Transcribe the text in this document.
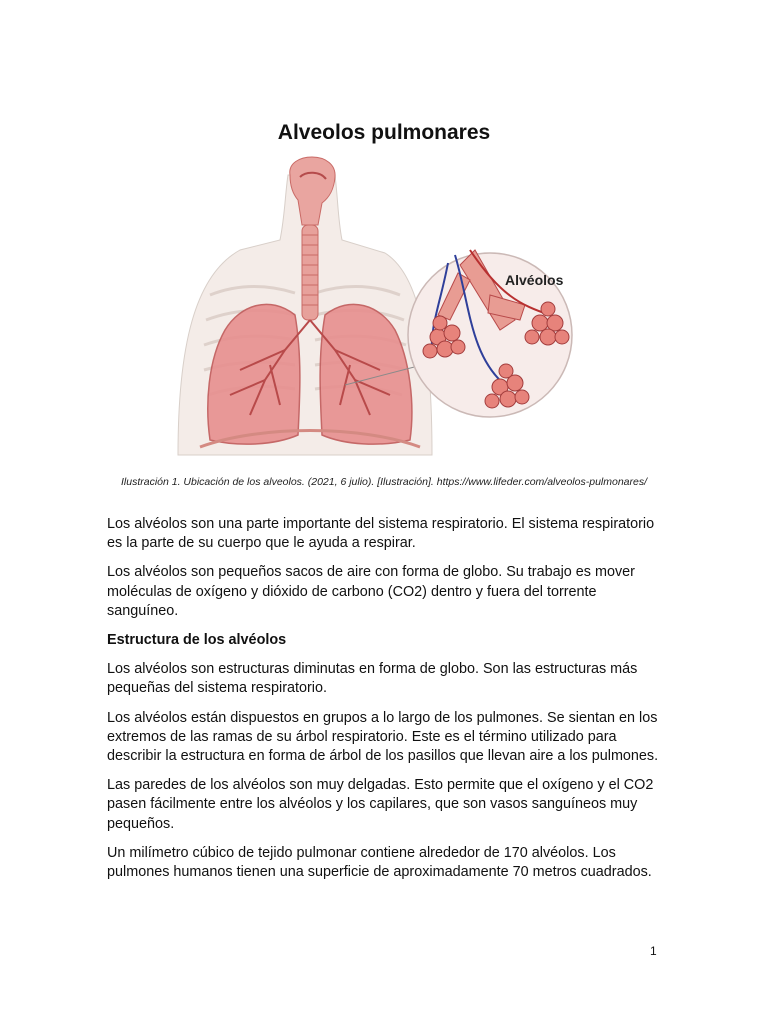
Alveolos pulmonares
Alvéolos
Ilustración 1. Ubicación de los alveolos. (2021, 6 julio). [Ilustración]. https://www.lifeder.com/alveolos-pulmonares/

Los alvéolos son una parte importante del sistema respiratorio. El sistema respiratorio es la parte de su cuerpo que le ayuda a respirar.

Los alvéolos son pequeños sacos de aire con forma de globo. Su trabajo es mover moléculas de oxígeno y dióxido de carbono (CO2) dentro y fuera del torrente sanguíneo.

Estructura de los alvéolos

Los alvéolos son estructuras diminutas en forma de globo. Son las estructuras más pequeñas del sistema respiratorio.

Los alvéolos están dispuestos en grupos a lo largo de los pulmones. Se sientan en los extremos de las ramas de su árbol respiratorio. Este es el término utilizado para describir la estructura en forma de árbol de los pasillos que llevan aire a los pulmones.

Las paredes de los alvéolos son muy delgadas. Esto permite que el oxígeno y el CO2 pasen fácilmente entre los alvéolos y los capilares, que son vasos sanguíneos muy pequeños.

Un milímetro cúbico de tejido pulmonar contiene alrededor de 170 alvéolos. Los pulmones humanos tienen una superficie de aproximadamente 70 metros cuadrados.

1
